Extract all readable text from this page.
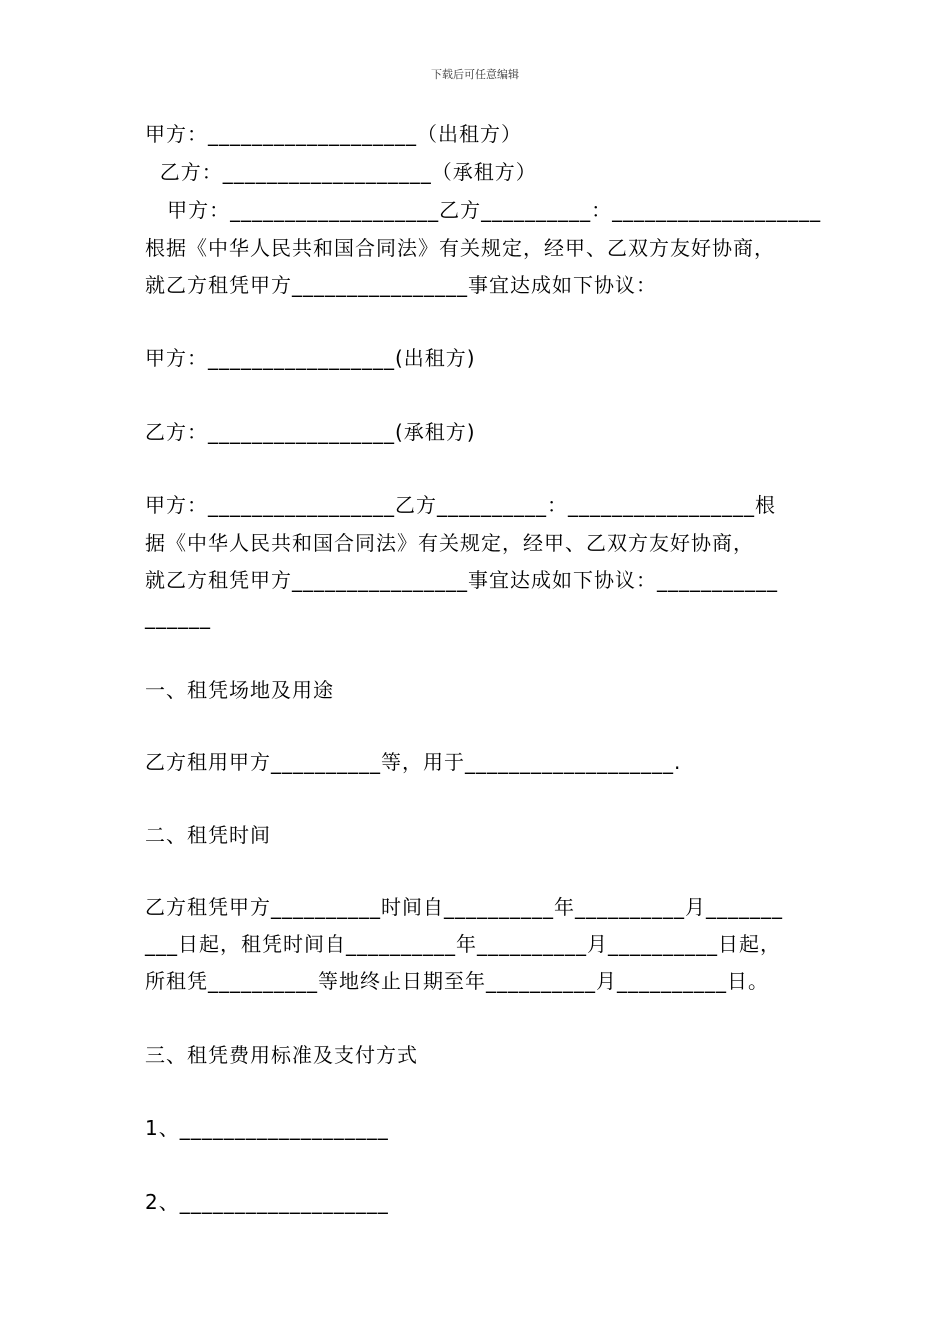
下载后可任意编辑
甲方：___________________（出租方）
乙方：___________________（承租方）
甲方：___________________乙方__________：___________________
根据《中华人民共和国合同法》有关规定，经甲、乙双方友好协商，
就乙方租凭甲方________________事宜达成如下协议：
甲方：_________________(出租方)
乙方：_________________(承租方)
甲方：_________________乙方__________：_________________根
据《中华人民共和国合同法》有关规定，经甲、乙双方友好协商，
就乙方租凭甲方________________事宜达成如下协议：___________
______
一、租凭场地及用途
乙方租用甲方__________等，用于___________________.
二、租凭时间
乙方租凭甲方__________时间自__________年__________月_______
___日起，租凭时间自__________年__________月__________日起，
所租凭__________等地终止日期至年__________月__________日。
三、租凭费用标准及支付方式
1、___________________
2、___________________
